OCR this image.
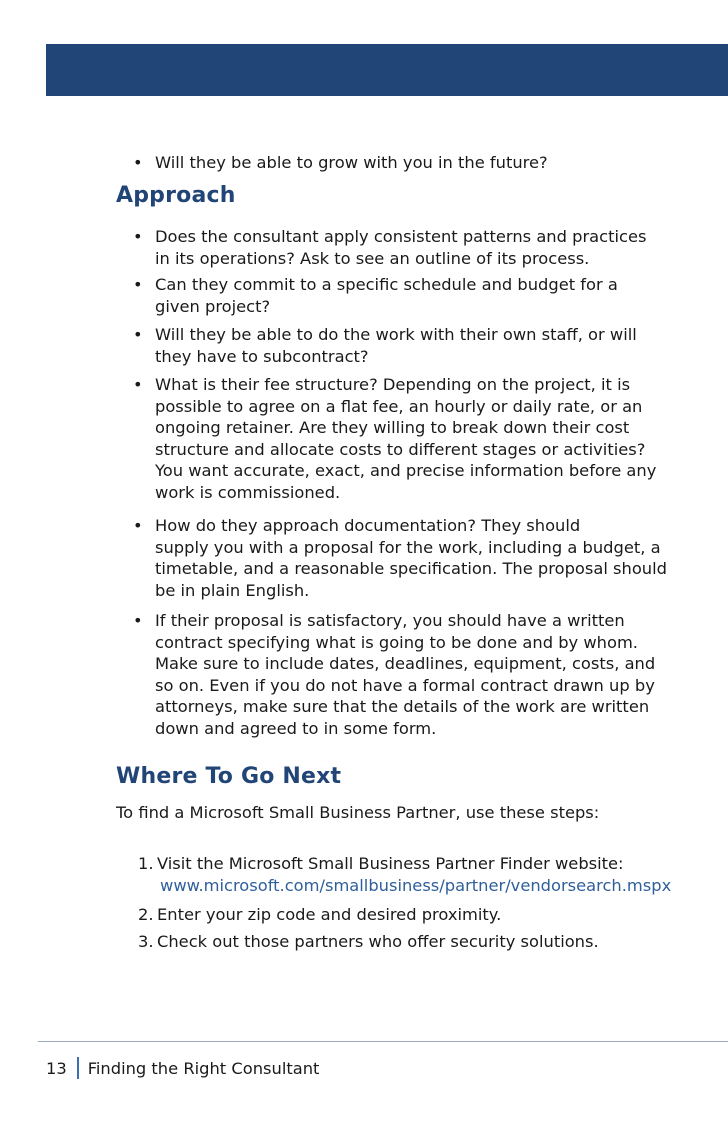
• Will they be able to grow with you in the future?
Approach
• Does the consultant apply consistent patterns and practices
in its operations? Ask to see an outline of its process.
• Can they commit to a specific schedule and budget for a
given project?
• Will they be able to do the work with their own staff, or will
they have to subcontract?
• What is their fee structure? Depending on the project, it is
possible to agree on a flat fee, an hourly or daily rate, or an
ongoing retainer. Are they willing to break down their cost
structure and allocate costs to different stages or activities?
You want accurate, exact, and precise information before any
work is commissioned.
• How do they approach documentation? They should
supply you with a proposal for the work, including a budget, a
timetable, and a reasonable specification. The proposal should
be in plain English.
• If their proposal is satisfactory, you should have a written
contract specifying what is going to be done and by whom.
Make sure to include dates, deadlines, equipment, costs, and
so on. Even if you do not have a formal contract drawn up by
attorneys, make sure that the details of the work are written
down and agreed to in some form.
Where To Go Next
To find a Microsoft Small Business Partner, use these steps:
1. Visit the Microsoft Small Business Partner Finder website:
www.microsoft.com/smallbusiness/partner/vendorsearch.mspx
2. Enter your zip code and desired proximity.
3. Check out those partners who offer security solutions.
13 Finding the Right Consultant
